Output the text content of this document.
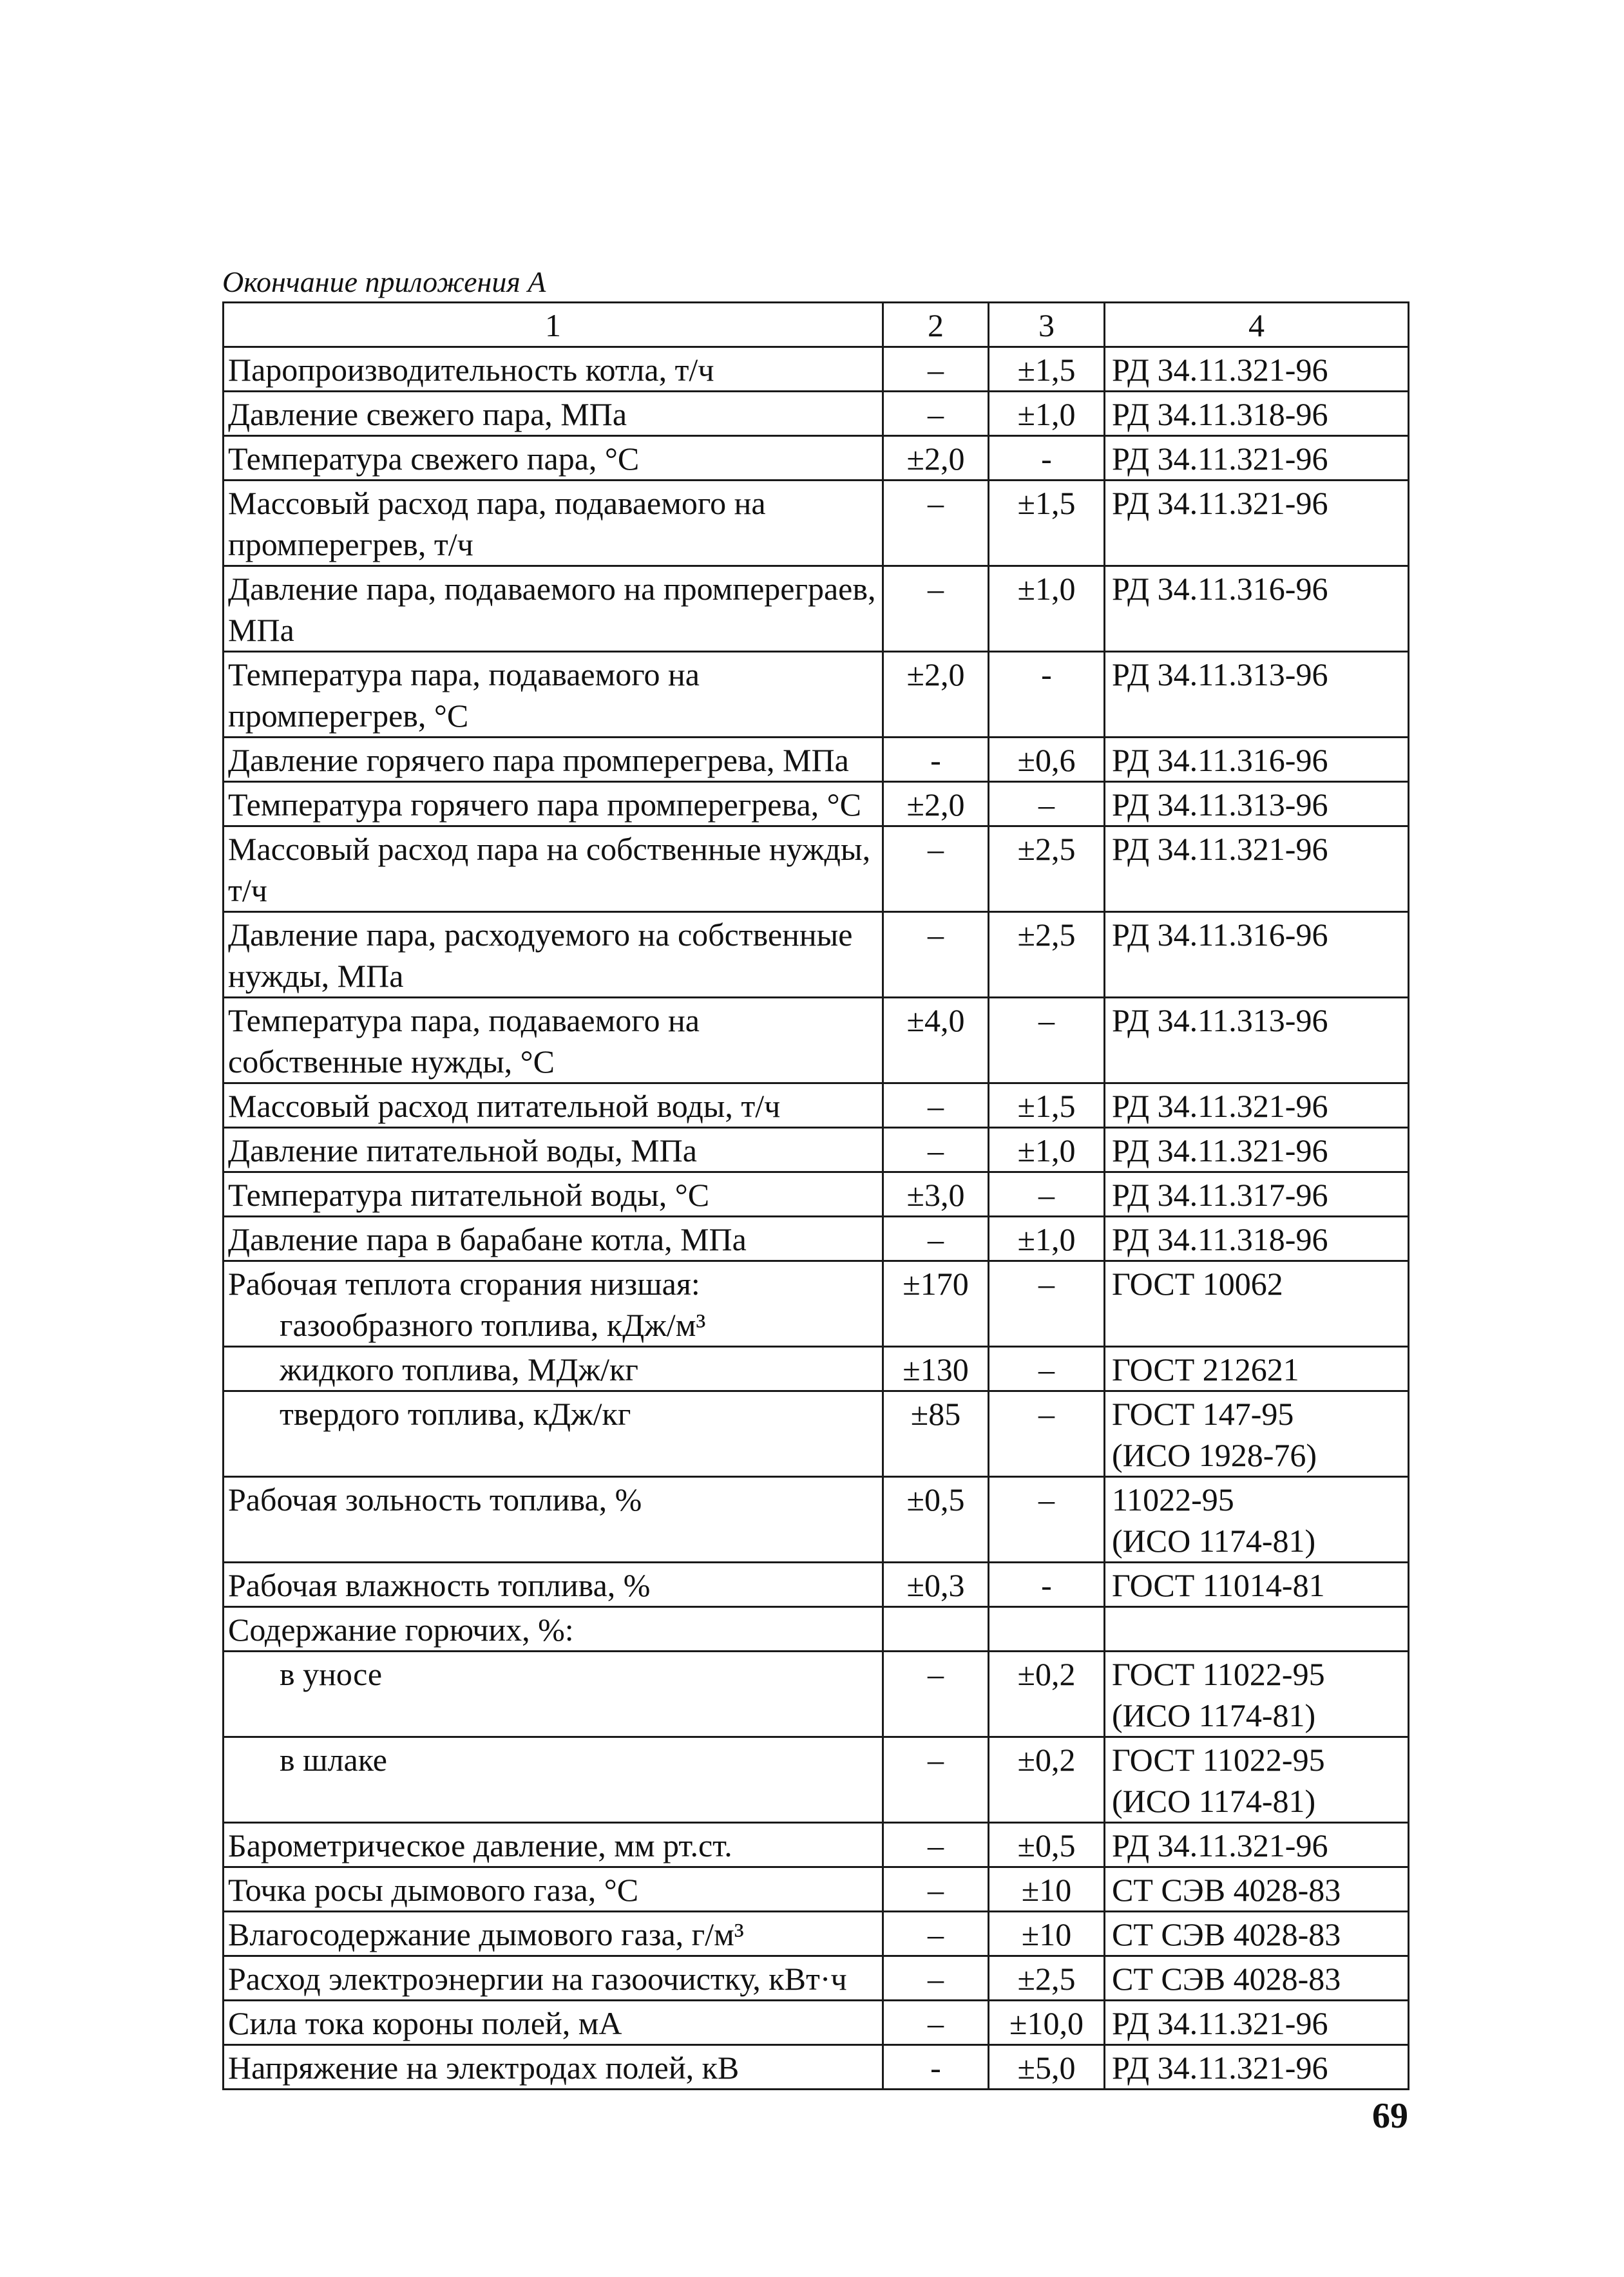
Окончание приложения А
1	2	3	4
Паропроизводительность котла, т/ч	–	±1,5	РД 34.11.321-96

Давление свежего пара, МПа	–	±1,0	РД 34.11.318-96

Температура свежего пара, °С	±2,0	-	РД 34.11.321-96

Массовый расход пара, подаваемого на промперегрев, т/ч	–	±1,5	РД 34.11.321-96

Давление пара, подаваемого на промпереграев, МПа	–	±1,0	РД 34.11.316-96

Температура пара, подаваемого на промперегрев, °С	±2,0	-	РД 34.11.313-96

Давление горячего пара промперегрева, МПа	-	±0,6	РД 34.11.316-96

Температура горячего пара промперегрева, °С	±2,0	–	РД 34.11.313-96

Массовый расход пара на собственные нужды, т/ч	–	±2,5	РД 34.11.321-96

Давление пара, расходуемого на собственные нужды, МПа	–	±2,5	РД 34.11.316-96

Температура пара, подаваемого на собственные нужды, °С	±4,0	–	РД 34.11.313-96

Массовый расход питательной воды, т/ч	–	±1,5	РД 34.11.321-96

Давление питательной воды, МПа	–	±1,0	РД 34.11.321-96

Температура питательной воды, °С	±3,0	–	РД 34.11.317-96

Давление пара в барабане котла, МПа	–	±1,0	РД 34.11.318-96

Рабочая теплота сгорания низшая:
газообразного топлива, кДж/м³	±170	–	ГОСТ 10062

жидкого топлива, МДж/кг	±130	–	ГОСТ 212621

твердого топлива, кДж/кг	±85	–	ГОСТ 147-95
(ИСО 1928-76)

Рабочая зольность топлива, %	±0,5	–	11022-95
(ИСО 1174-81)

Рабочая влажность топлива, %	±0,3	-	ГОСТ 11014-81

Содержание горючих, %:			

в уносе	–	±0,2	ГОСТ 11022-95
(ИСО 1174-81)

в шлаке	–	±0,2	ГОСТ 11022-95
(ИСО 1174-81)

Барометрическое давление, мм рт.ст.	–	±0,5	РД 34.11.321-96

Точка росы дымового газа, °С	–	±10	СТ СЭВ 4028-83

Влагосодержание дымового газа, г/м³	–	±10	СТ СЭВ 4028-83

Расход электроэнергии на газоочистку, кВт·ч	–	±2,5	СТ СЭВ 4028-83

Сила тока короны полей, мА	–	±10,0	РД 34.11.321-96

Напряжение на электродах полей, кВ	-	±5,0	РД 34.11.321-96
69
